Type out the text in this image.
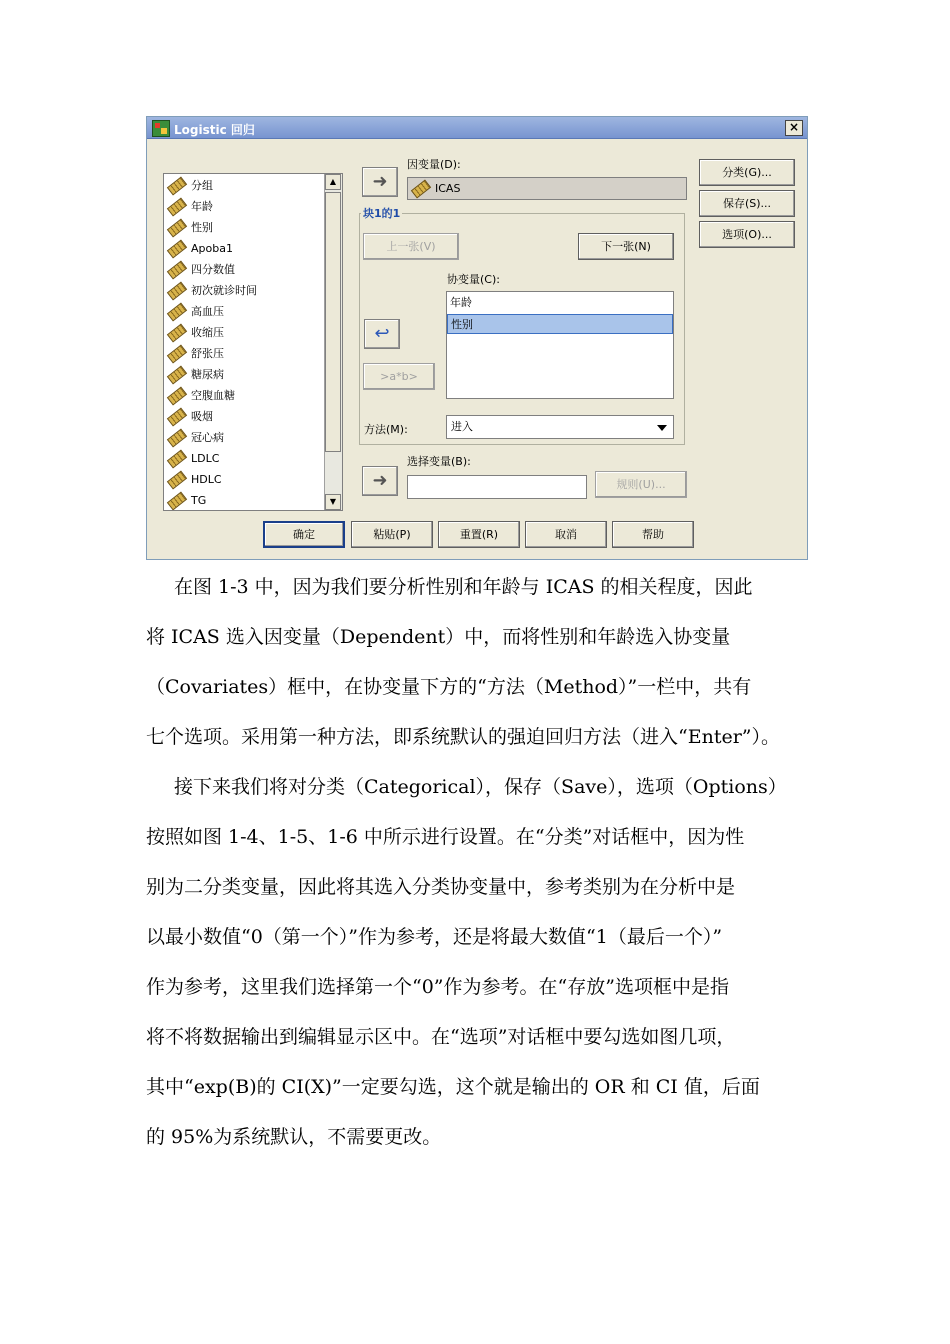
Logistic 回归	×
分组
年龄
性别
Apoba1
四分数值
初次就诊时间
高血压
收缩压
舒张压
糖尿病
空腹血糖
吸烟
冠心病
LDLC
HDLC
TG
▲
▼
➜
因变量(D):
ICAS
块1的1
上一张(V)	下一张(N)
协变量(C):
↩
年龄
性别
>a*b>
方法(M):	进入
➜
选择变量(B):
规则(U)...
分类(G)...
保存(S)...
选项(O)...
确定	粘贴(P)	重置(R)	取消	帮助
在图 1-3 中，因为我们要分析性别和年龄与 ICAS 的相关程度，因此
将 ICAS 选入因变量（Dependent）中，而将性别和年龄选入协变量
（Covariates）框中，在协变量下方的“方法（Method）”一栏中，共有
七个选项。采用第一种方法，即系统默认的强迫回归方法（进入“Enter”）。
接下来我们将对分类（Categorical），保存（Save），选项（Options）
按照如图 1-4、1-5、1-6 中所示进行设置。在“分类”对话框中，因为性
别为二分类变量，因此将其选入分类协变量中，参考类别为在分析中是
以最小数值“0（第一个）”作为参考，还是将最大数值“1（最后一个）”
作为参考，这里我们选择第一个“0”作为参考。在“存放”选项框中是指
将不将数据输出到编辑显示区中。在“选项”对话框中要勾选如图几项，
其中“exp(B)的 CI(X)”一定要勾选，这个就是输出的 OR 和 CI 值，后面
的 95%为系统默认，不需要更改。
